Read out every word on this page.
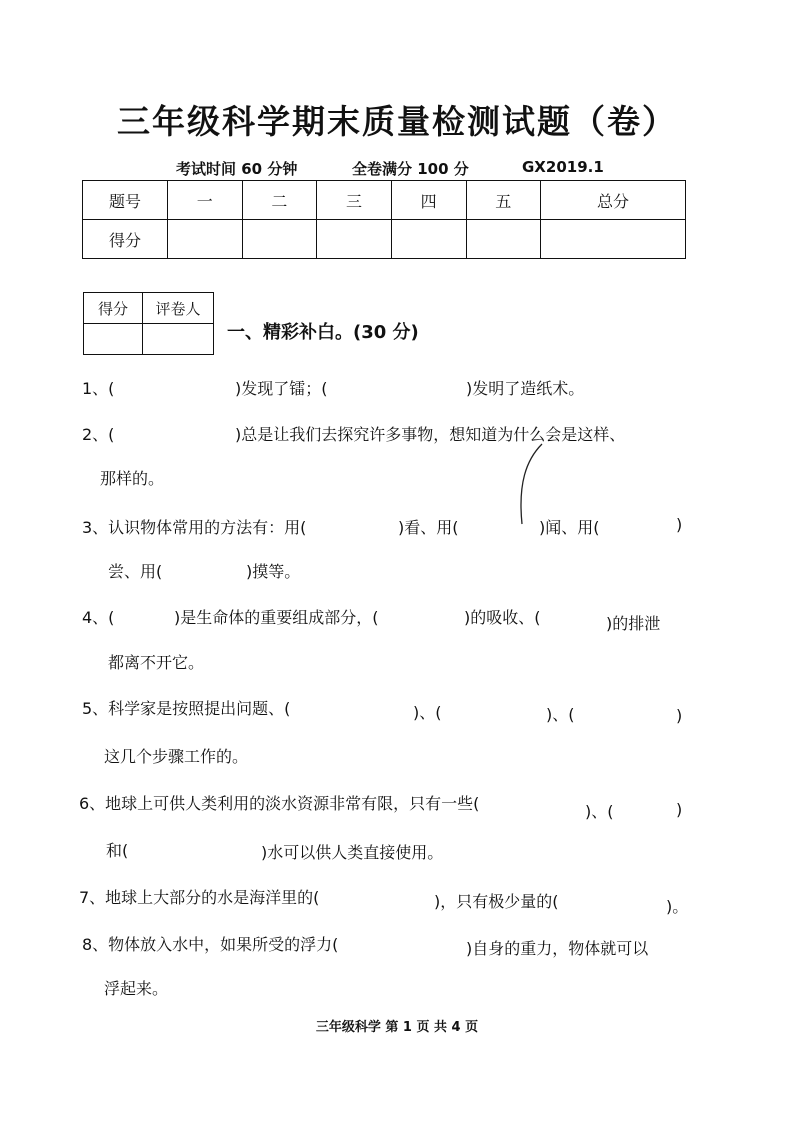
三年级科学期末质量检测试题（卷）
考试时间 60 分钟	全卷满分 100 分	GX2019.1
题号	一	二	三	四	五	总分
得分						
得分	评卷人

一、精彩补白。(30 分)
1、(	)发现了镭；(	)发明了造纸术。
2、(	)总是让我们去探究许多事物，想知道为什么会是这样、
那样的。
3、认识物体常用的方法有：用(	)看、用(	)闻、用(	)
尝、用(	)摸等。
4、(	)是生命体的重要组成部分，(	)的吸收、(	)的排泄
都离不开它。
5、科学家是按照提出问题、(	)、(	)、(	)
这几个步骤工作的。
6、地球上可供人类利用的淡水资源非常有限，只有一些(	)、(	)
和(	)水可以供人类直接使用。
7、地球上大部分的水是海洋里的(	)，只有极少量的(	)。
8、物体放入水中，如果所受的浮力(	)自身的重力，物体就可以
浮起来。
三年级科学 第 1 页 共 4 页
